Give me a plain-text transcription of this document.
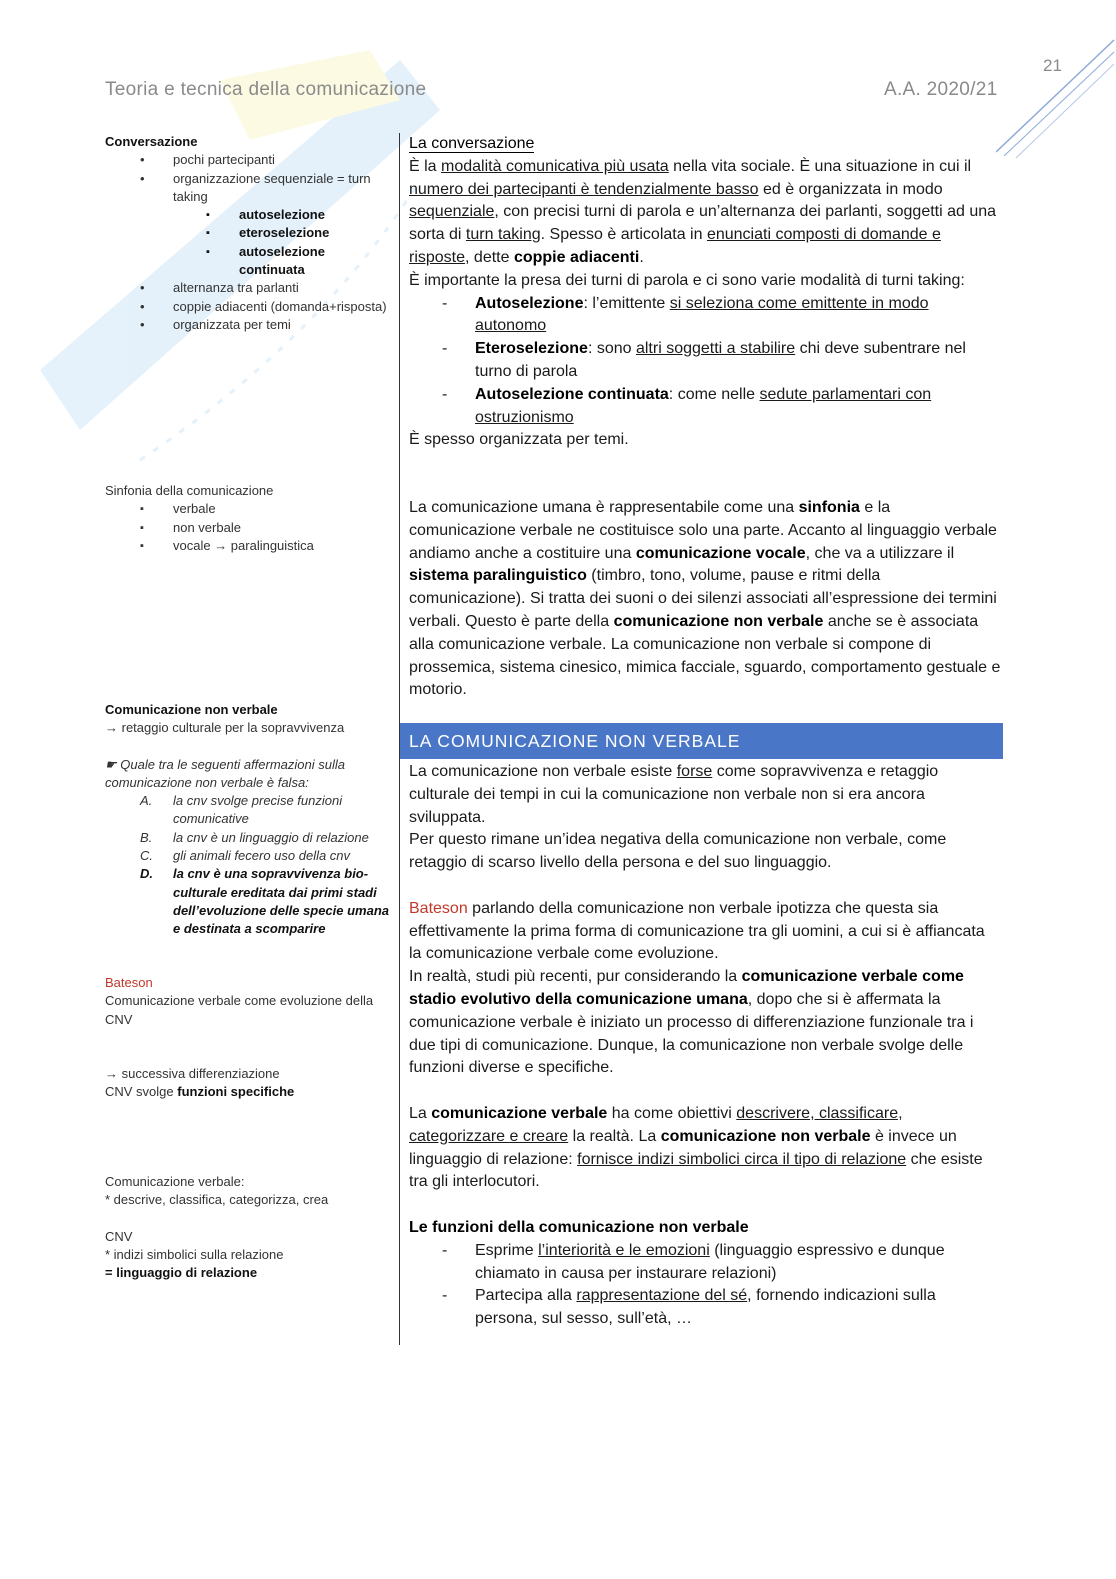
Teoria e tecnica della comunicazione	A.A. 2020/21
21

Conversazione

• pochi partecipanti
• organizzazione sequenziale = turn taking
▪ autoselezione
▪ eteroselezione
▪ autoselezione continuata
• alternanza tra parlanti
• coppie adiacenti (domanda+risposta)
• organizzata per temi

Sinfonia della comunicazione

▪ verbale
▪ non verbale
▪ vocale → paralinguistica

Comunicazione non verbale

→ retaggio culturale per la sopravvivenza

☛ Quale tra le seguenti affermazioni sulla comunicazione non verbale è falsa:

A. la cnv svolge precise funzioni comunicative
B. la cnv è un linguaggio di relazione
C. gli animali fecero uso della cnv
D. la cnv è una sopravvivenza bio-culturale ereditata dai primi stadi dell’evoluzione delle specie umana e destinata a scomparire

Bateson

Comunicazione verbale come evoluzione della CNV

→ successiva differenziazione

CNV svolge funzioni specifiche

Comunicazione verbale:

* descrive, classifica, categorizza, crea

CNV

* indizi simbolici sulla relazione

= linguaggio di relazione

La conversazione

È la modalità comunicativa più usata nella vita sociale. È una situazione in cui il numero dei partecipanti è tendenzialmente basso ed è organizzata in modo sequenziale, con precisi turni di parola e un’alternanza dei parlanti, soggetti ad una sorta di turn taking. Spesso è articolata in enunciati composti di domande e risposte, dette coppie adiacenti.

È importante la presa dei turni di parola e ci sono varie modalità di turni taking:

- Autoselezione: l’emittente si seleziona come emittente in modo autonomo

- Eteroselezione: sono altri soggetti a stabilire chi deve subentrare nel turno di parola

- Autoselezione continuata: come nelle sedute parlamentari con ostruzionismo

È spesso organizzata per temi.

La comunicazione umana è rappresentabile come una sinfonia e la comunicazione verbale ne costituisce solo una parte. Accanto al linguaggio verbale andiamo anche a costituire una comunicazione vocale, che va a utilizzare il sistema paralinguistico (timbro, tono, volume, pause e ritmi della comunicazione). Si tratta dei suoni o dei silenzi associati all’espressione dei termini verbali. Questo è parte della comunicazione non verbale anche se è associata alla comunicazione verbale. La comunicazione non verbale si compone di prossemica, sistema cinesico, mimica facciale, sguardo, comportamento gestuale e motorio.

LA COMUNICAZIONE NON VERBALE

La comunicazione non verbale esiste forse come sopravvivenza e retaggio culturale dei tempi in cui la comunicazione non verbale non si era ancora sviluppata.

Per questo rimane un’idea negativa della comunicazione non verbale, come retaggio di scarso livello della persona e del suo linguaggio.

Bateson parlando della comunicazione non verbale ipotizza che questa sia effettivamente la prima forma di comunicazione tra gli uomini, a cui si è affiancata la comunicazione verbale come evoluzione.

In realtà, studi più recenti, pur considerando la comunicazione verbale come stadio evolutivo della comunicazione umana, dopo che si è affermata la comunicazione verbale è iniziato un processo di differenziazione funzionale tra i due tipi di comunicazione. Dunque, la comunicazione non verbale svolge delle funzioni diverse e specifiche.

La comunicazione verbale ha come obiettivi descrivere, classificare, categorizzare e creare la realtà. La comunicazione non verbale è invece un linguaggio di relazione: fornisce indizi simbolici circa il tipo di relazione che esiste tra gli interlocutori.

Le funzioni della comunicazione non verbale

- Esprime l’interiorità e le emozioni (linguaggio espressivo e dunque chiamato in causa per instaurare relazioni)

- Partecipa alla rappresentazione del sé, fornendo indicazioni sulla persona, sul sesso, sull’età, …
